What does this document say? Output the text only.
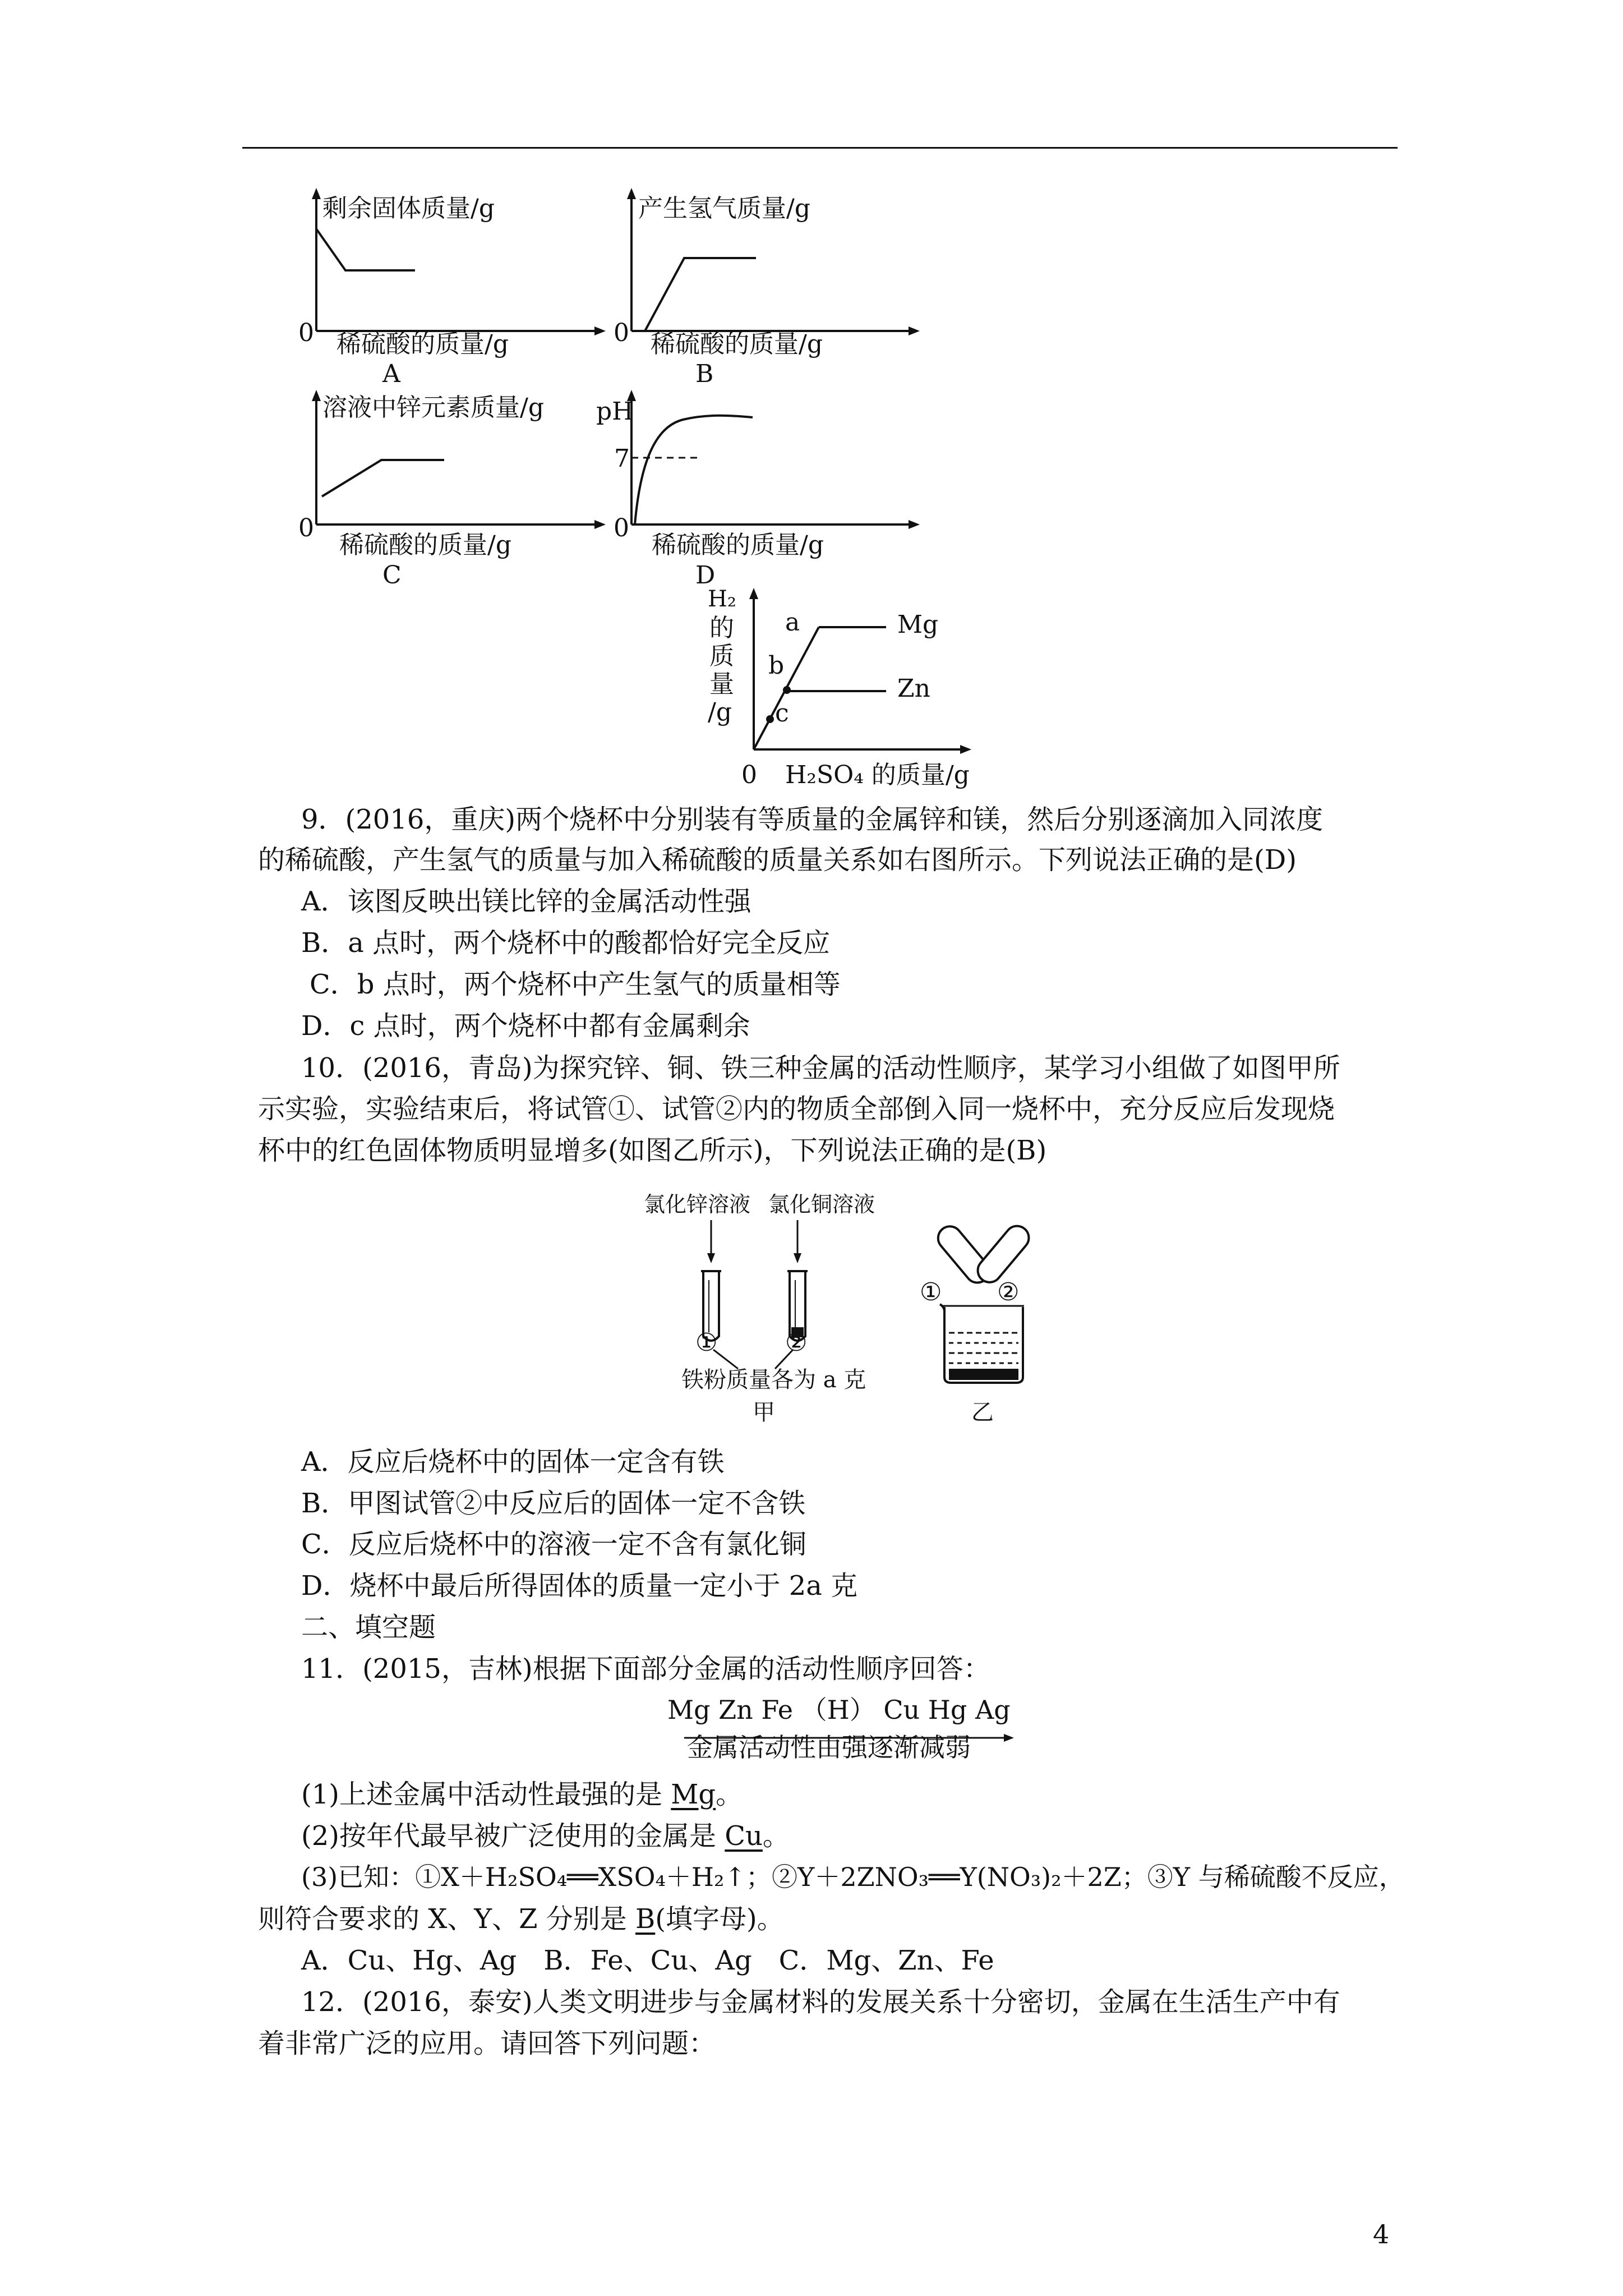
剩余固体质量/g
0 稀硫酸的质量/g
A
产生氢气质量/g
0 稀硫酸的质量/g
B
溶液中锌元素质量/g
0
稀硫酸的质量/g
C
pH
7
0
稀硫酸的质量/g
D
H₂
的
质
量
/g
a
b
c
Mg
Zn
0 H₂SO₄ 的质量/g
9．(2016，重庆)两个烧杯中分别装有等质量的金属锌和镁，然后分别逐滴加入同浓度
的稀硫酸，产生氢气的质量与加入稀硫酸的质量关系如右图所示。下列说法正确的是(D)
A．该图反映出镁比锌的金属活动性强
B．a 点时，两个烧杯中的酸都恰好完全反应
C．b 点时，两个烧杯中产生氢气的质量相等
D．c 点时，两个烧杯中都有金属剩余
10．(2016，青岛)为探究锌、铜、铁三种金属的活动性顺序，某学习小组做了如图甲所
示实验，实验结束后，将试管①、试管②内的物质全部倒入同一烧杯中，充分反应后发现烧
杯中的红色固体物质明显增多(如图乙所示)，下列说法正确的是(B)
氯化锌溶液 氯化铜溶液
①	②
铁粉质量各为 a 克
甲
① ②
乙
A．反应后烧杯中的固体一定含有铁
B．甲图试管②中反应后的固体一定不含铁
C．反应后烧杯中的溶液一定不含有氯化铜
D．烧杯中最后所得固体的质量一定小于 2a 克
二、填空题
11．(2015，吉林)根据下面部分金属的活动性顺序回答：
Mg Zn Fe （H） Cu Hg Ag
金属活动性由强逐渐减弱
(1)上述金属中活动性最强的是 Mg。
(2)按年代最早被广泛使用的金属是 Cu。
(3)已知：①X＋H₂SO₄══XSO₄＋H₂↑；②Y＋2ZNO₃══Y(NO₃)₂＋2Z；③Y 与稀硫酸不反应，
则符合要求的 X、Y、Z 分别是 B(填字母)。
A．Cu、Hg、Ag　B．Fe、Cu、Ag　C．Mg、Zn、Fe
12．(2016，泰安)人类文明进步与金属材料的发展关系十分密切，金属在生活生产中有
着非常广泛的应用。请回答下列问题：
4
